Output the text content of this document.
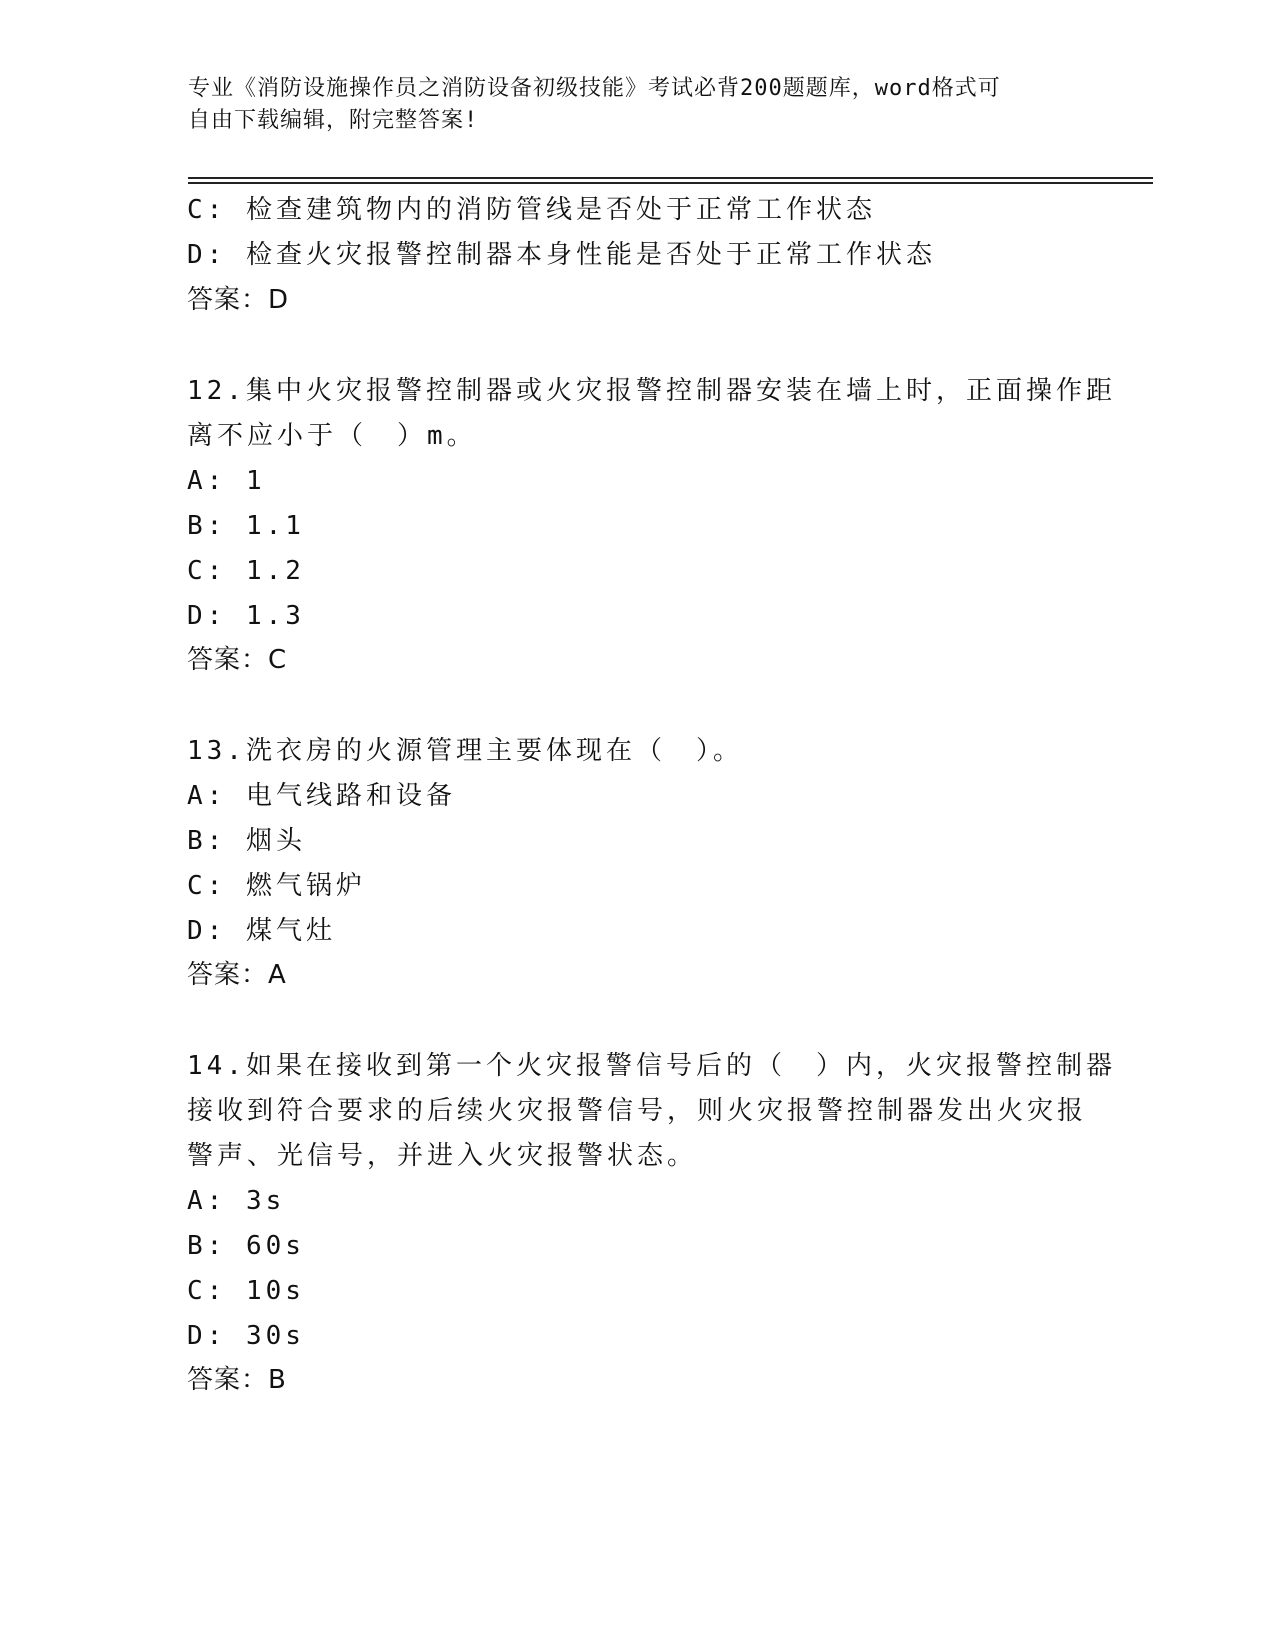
专业《消防设施操作员之消防设备初级技能》考试必背200题题库，word格式可
自由下载编辑，附完整答案!
C: 检查建筑物内的消防管线是否处于正常工作状态
D: 检查火灾报警控制器本身性能是否处于正常工作状态
答案：D
12.集中火灾报警控制器或火灾报警控制器安装在墙上时，正面操作距
离不应小于（　）m。
A: 1
B: 1.1
C: 1.2
D: 1.3
答案：C
13.洗衣房的火源管理主要体现在（　）。
A: 电气线路和设备
B: 烟头
C: 燃气锅炉
D: 煤气灶
答案：A
14.如果在接收到第一个火灾报警信号后的（　）内，火灾报警控制器
接收到符合要求的后续火灾报警信号，则火灾报警控制器发出火灾报
警声、光信号，并进入火灾报警状态。
A: 3s
B: 60s
C: 10s
D: 30s
答案：B
